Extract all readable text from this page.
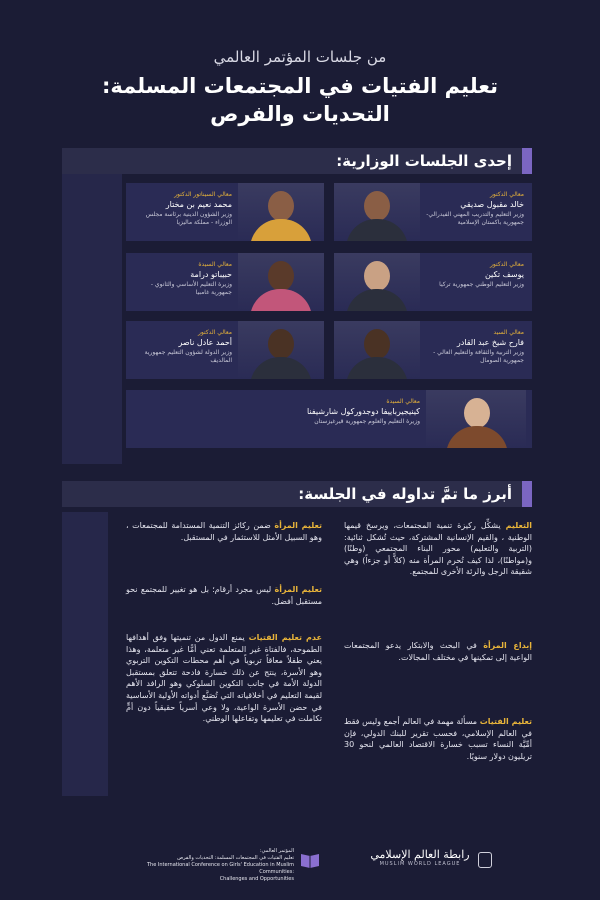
من جلسات المؤتمر العالمي
تعليم الفتيات في المجتمعات المسلمة:
التحديات والفرص
إحدى الجلسات الوزارية:
معالي الدكتور
خالد مقبول صديقي
وزير التعليم والتدريب المهني الفيدرالي- جمهورية باكستان الإسلامية
معالي السيناتور الدكتور
محمد نعيم بن مختار
وزير الشؤون الدينية برئاسة مجلس الوزراء - مملكة ماليزيا
معالي الدكتور
يوسف تكين
وزير التعليم الوطني جمهورية تركيا
معالي السيدة
حبيباتو درامة
وزيرة التعليم الأساسي والثانوي - جمهورية غامبيا
معالي السيد
فارح شيخ عبد القادر
وزير التربية والثقافة والتعليم العالي - جمهورية الصومال
معالي الدكتور
أحمد عادل ناصر
وزير الدولة لشؤون التعليم جمهورية المالديف
معالي السيدة
كينيجيرباييفا دوجدوركول شارشيفنا
وزيرة التعليم والعلوم جمهورية قيرغيزستان
أبرز ما تمَّ تداوله في الجلسة:
التعليم يشكِّل ركيزة تنمية المجتمعات، ويرسخ قيمها الوطنية ، والقيم الإنسانية المشتركة، حيث تُشكل ثنائية: (التربية والتعليم) محور البناء المجتمعي (وطنًا) و(مواطنًا)، لذا كيف تُحرم المرأة منه (كلاًّ أو جزءاً) وهي شقيقة الرجل والرئة الأخرى للمجتمع.
إبداع المرأة في البحث والابتكار يدعو المجتمعات الواعية إلى تمكينها في مختلف المجالات.
تعليم الفتيات مسألة مهمة في العالم أجمع وليس فقط في العالم الإسلامي، فحسب تقرير للبنك الدولي، فإن أمِّيَّة النساء تسبب خسارة الاقتصاد العالمي لنحو 30 تريليون دولار سنويًا.
تعليم المرأة ضمن ركائز التنمية المستدامة للمجتمعات ، وهو السبيل الأمثل للاستثمار في المستقبل.
تعليم المرأة ليس مجرد أرقام؛ بل هو تغيير للمجتمع نحو مستقبل أفضل.
عدم تعليم الفتيات يمنع الدول من تنميتها وفق أهدافها الطموحة، فالفتاة غير المتعلمة تعني أمًّا غير متعلمة، وهذا يعني طفلاً معاقاً تربوياً في أهم محطات التكوين التربوي وهو الأسرة، ينتج عن ذلك خسارة فادحة تتعلق بمستقبل الدولة الأمة في جانب التكوين السلوكي وهو الرافد الأهم لقيمة التعليم في أخلاقياته التي تُصَنَّع أدواته الأولية الأساسية في حضن الأسرة الواعية، ولا وعي أسرياً حقيقياً دون أمٍّ تكاملت في تعليمها وتفاعلها الوطني.
رابطة العالم الإسلامي
MUSLIM WORLD LEAGUE
المؤتمر العالمي:
تعليم الفتيات في المجتمعات المسلمة: التحديات والفرص
The International Conference on Girls' Education in Muslim Communities:
Challenges and Opportunities
